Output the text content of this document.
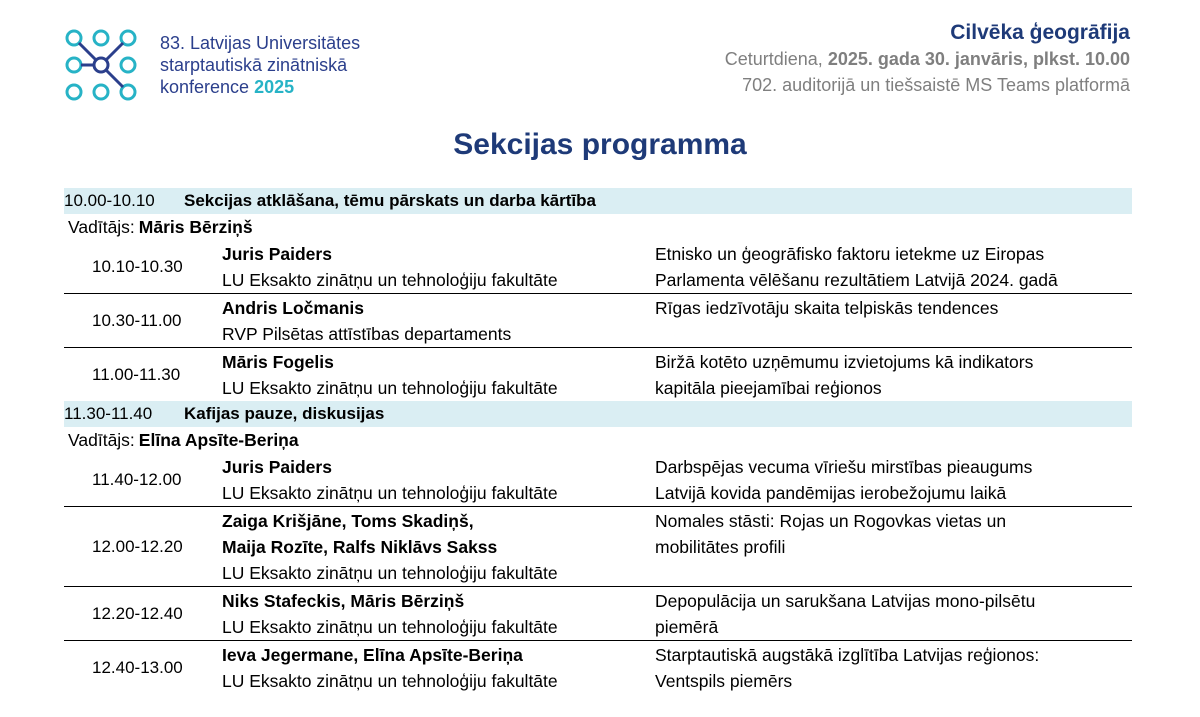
83. Latvijas Universitātes
starptautiskā zinātniskā
konference 2025
Cilvēka ģeogrāfija
Ceturtdiena, 2025. gada 30. janvāris, plkst. 10.00
702. auditorijā un tiešsaistē MS Teams platformā
Sekcijas programma
10.00-10.10	Sekcijas atklāšana, tēmu pārskats un darba kārtība
Vadītājs: Māris Bērziņš
10.10-10.30
Juris Paiders
LU Eksakto zinātņu un tehnoloģiju fakultāte
Etnisko un ģeogrāfisko faktoru ietekme uz Eiropas
Parlamenta vēlēšanu rezultātiem Latvijā 2024. gadā
10.30-11.00
Andris Ločmanis
RVP Pilsētas attīstības departaments
Rīgas iedzīvotāju skaita telpiskās tendences
11.00-11.30
Māris Fogelis
LU Eksakto zinātņu un tehnoloģiju fakultāte
Biržā kotēto uzņēmumu izvietojums kā indikators
kapitāla pieejamībai reģionos
11.30-11.40	Kafijas pauze, diskusijas
Vadītājs: Elīna Apsīte-Beriņa
11.40-12.00
Juris Paiders
LU Eksakto zinātņu un tehnoloģiju fakultāte
Darbspējas vecuma vīriešu mirstības pieaugums
Latvijā kovida pandēmijas ierobežojumu laikā
12.00-12.20
Zaiga Krišjāne, Toms Skadiņš,
Maija Rozīte, Ralfs Niklāvs Sakss
LU Eksakto zinātņu un tehnoloģiju fakultāte
Nomales stāsti: Rojas un Rogovkas vietas un
mobilitātes profili
12.20-12.40
Niks Stafeckis, Māris Bērziņš
LU Eksakto zinātņu un tehnoloģiju fakultāte
Depopulācija un sarukšana Latvijas mono-pilsētu
piemērā
12.40-13.00
Ieva Jegermane, Elīna Apsīte-Beriņa
LU Eksakto zinātņu un tehnoloģiju fakultāte
Starptautiskā augstākā izglītība Latvijas reģionos:
Ventspils piemērs
